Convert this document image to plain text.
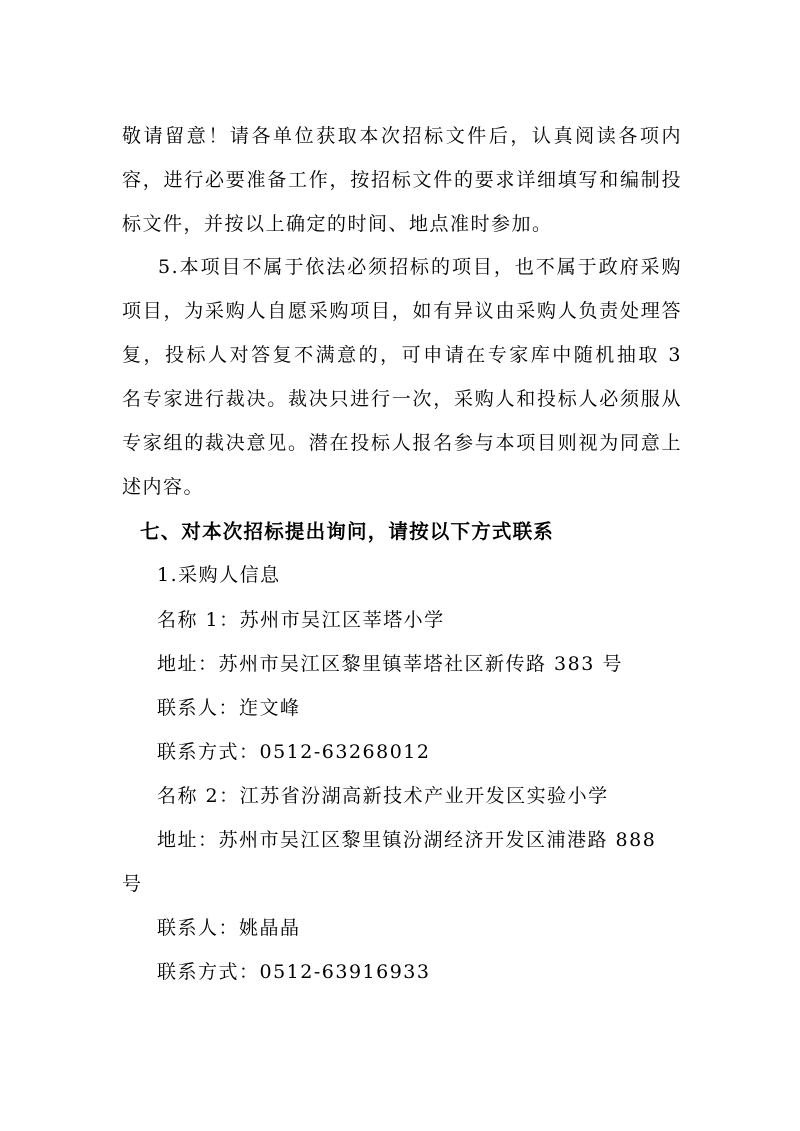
敬请留意！请各单位获取本次招标文件后，认真阅读各项内容，进行必要准备工作，按招标文件的要求详细填写和编制投标文件，并按以上确定的时间、地点准时参加。
5.本项目不属于依法必须招标的项目，也不属于政府采购项目，为采购人自愿采购项目，如有异议由采购人负责处理答复，投标人对答复不满意的，可申请在专家库中随机抽取 3 名专家进行裁决。裁决只进行一次，采购人和投标人必须服从专家组的裁决意见。潜在投标人报名参与本项目则视为同意上述内容。
七、对本次招标提出询问，请按以下方式联系
1.采购人信息
名称 1：苏州市吴江区莘塔小学
地址：苏州市吴江区黎里镇莘塔社区新传路 383 号
联系人：迮文峰
联系方式：0512-63268012
名称 2：江苏省汾湖高新技术产业开发区实验小学
地址：苏州市吴江区黎里镇汾湖经济开发区浦港路 888 号
联系人：姚晶晶
联系方式：0512-63916933
